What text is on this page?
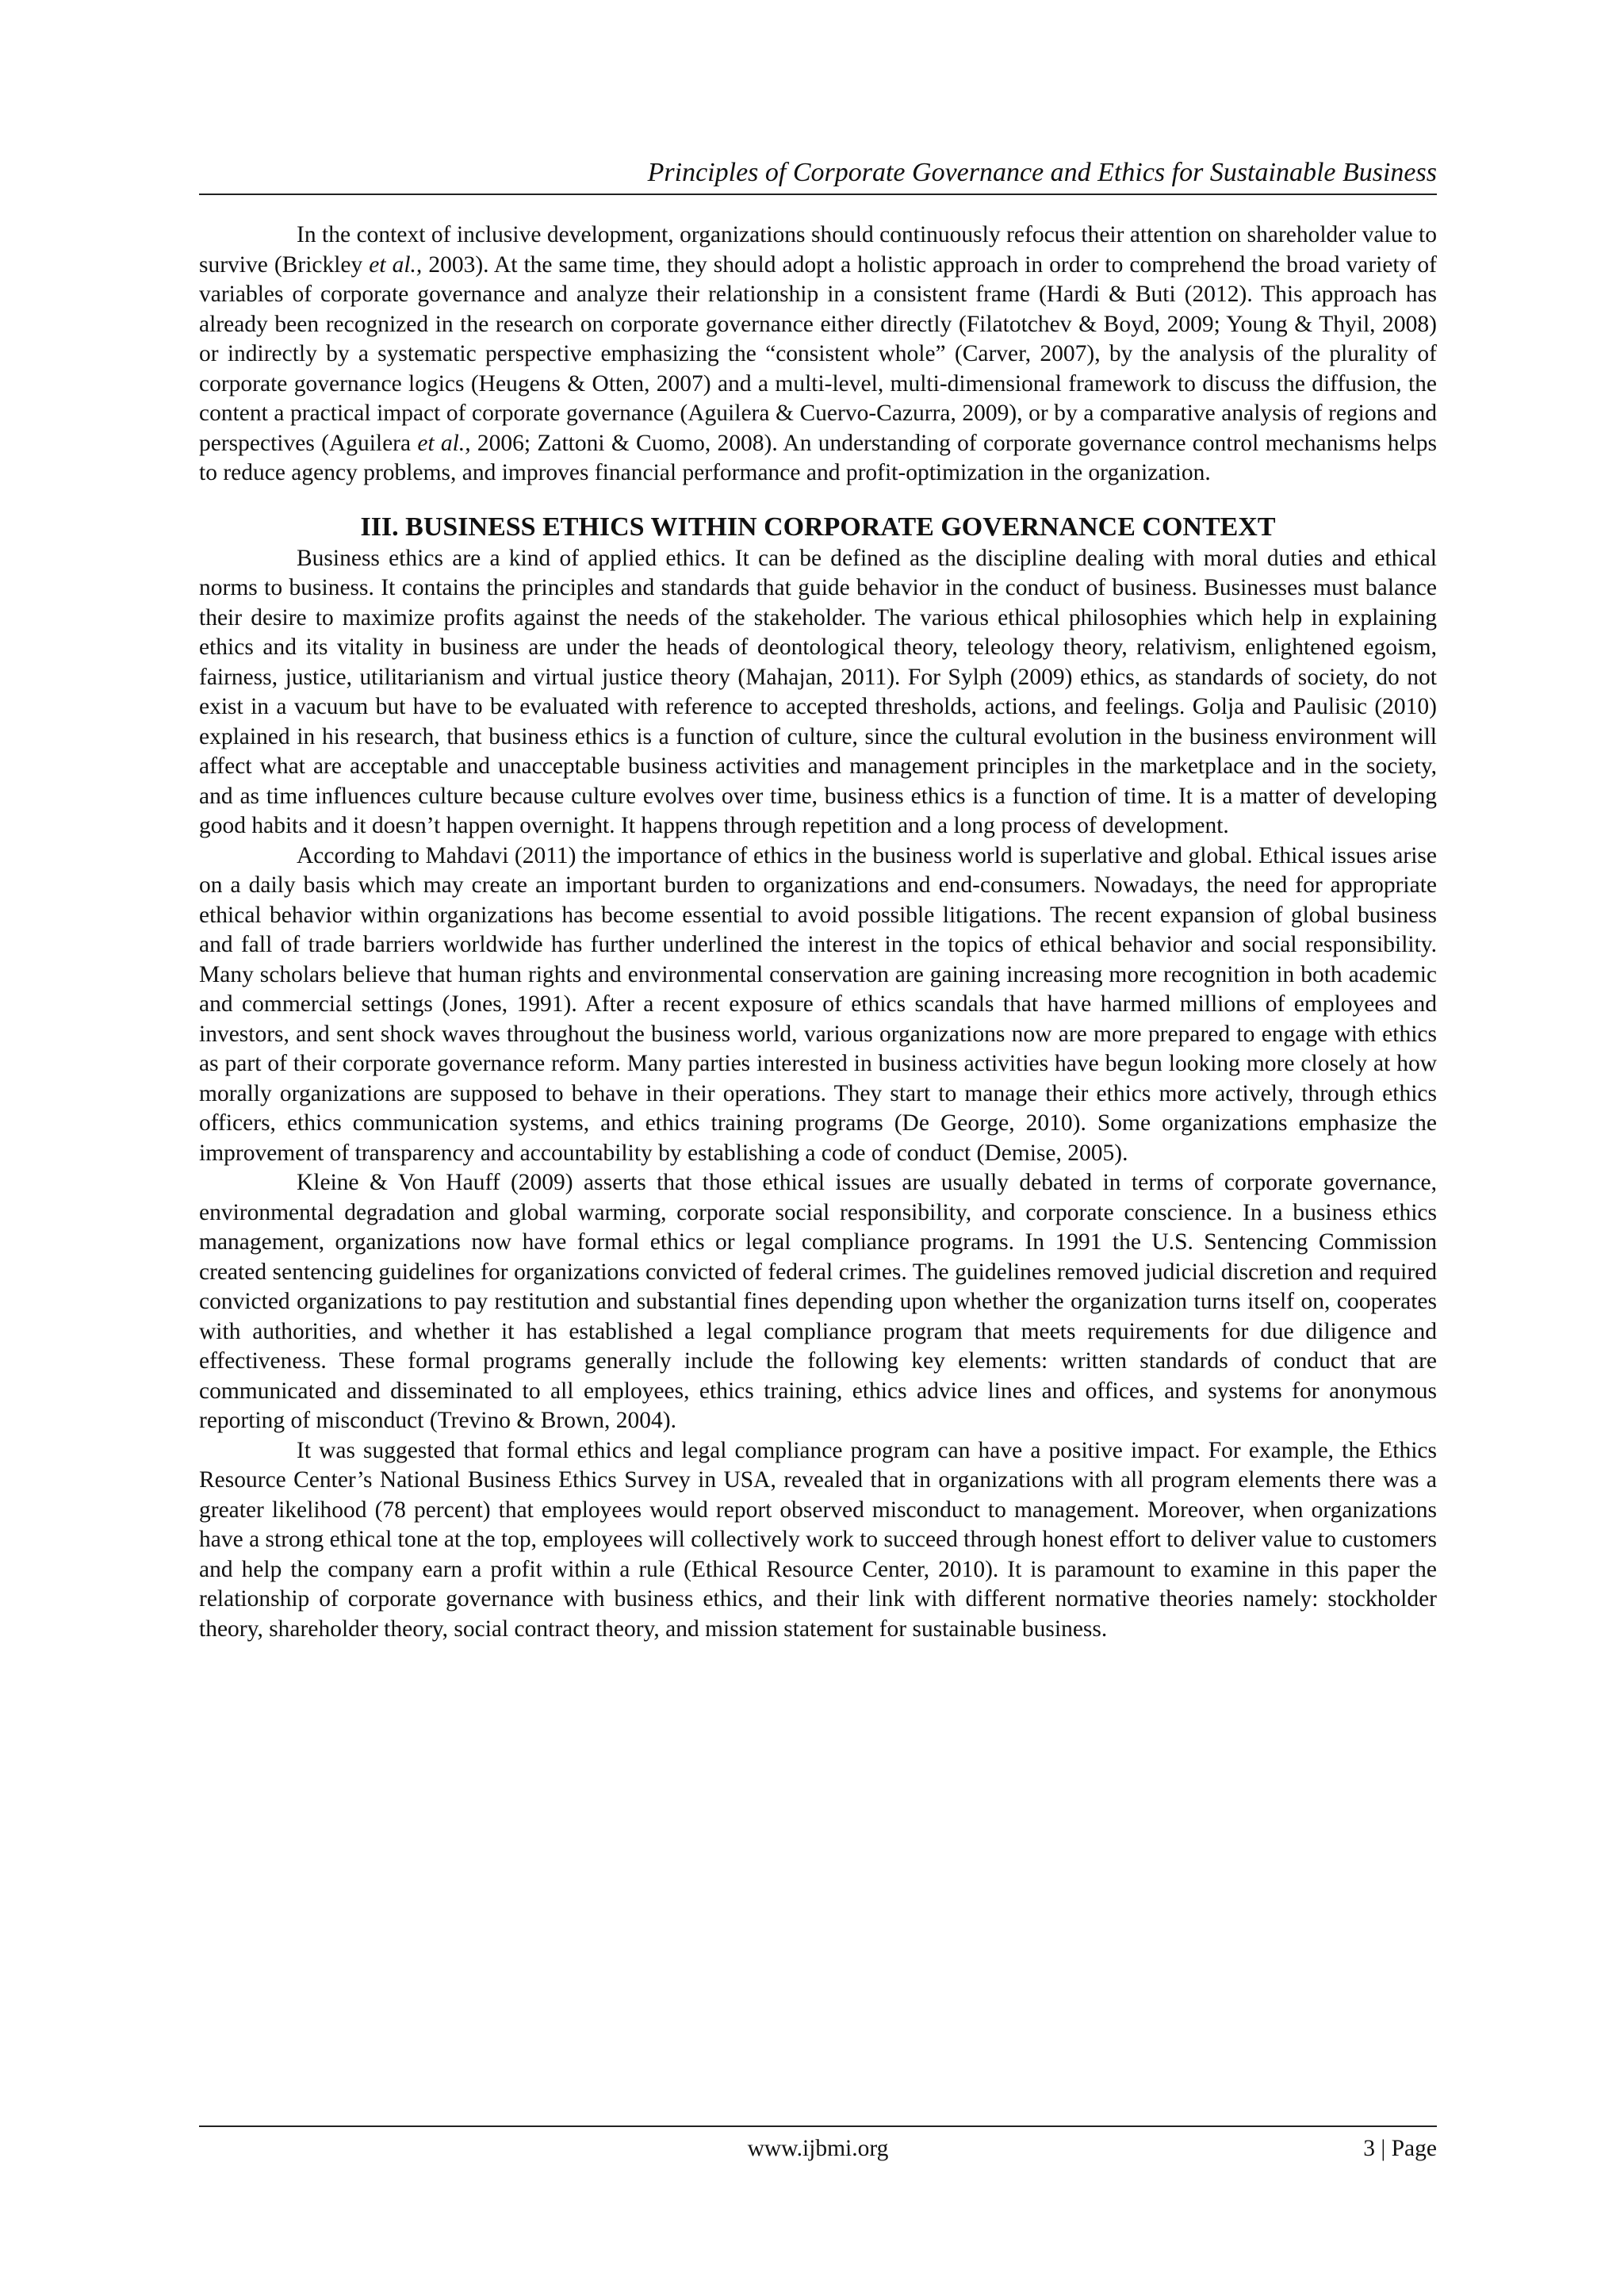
Principles of Corporate Governance and Ethics for Sustainable Business

In the context of inclusive development, organizations should continuously refocus their attention on shareholder value to survive (Brickley et al., 2003). At the same time, they should adopt a holistic approach in order to comprehend the broad variety of variables of corporate governance and analyze their relationship in a consistent frame (Hardi & Buti (2012). This approach has already been recognized in the research on corporate governance either directly (Filatotchev & Boyd, 2009; Young & Thyil, 2008) or indirectly by a systematic perspective emphasizing the “consistent whole” (Carver, 2007), by the analysis of the plurality of corporate governance logics (Heugens & Otten, 2007) and a multi-level, multi-dimensional framework to discuss the diffusion, the content a practical impact of corporate governance (Aguilera & Cuervo-Cazurra, 2009), or by a comparative analysis of regions and perspectives (Aguilera et al., 2006; Zattoni & Cuomo, 2008). An understanding of corporate governance control mechanisms helps to reduce agency problems, and improves financial performance and profit-optimization in the organization.

III. BUSINESS ETHICS WITHIN CORPORATE GOVERNANCE CONTEXT

Business ethics are a kind of applied ethics. It can be defined as the discipline dealing with moral duties and ethical norms to business. It contains the principles and standards that guide behavior in the conduct of business. Businesses must balance their desire to maximize profits against the needs of the stakeholder. The various ethical philosophies which help in explaining ethics and its vitality in business are under the heads of deontological theory, teleology theory, relativism, enlightened egoism, fairness, justice, utilitarianism and virtual justice theory (Mahajan, 2011). For Sylph (2009) ethics, as standards of society, do not exist in a vacuum but have to be evaluated with reference to accepted thresholds, actions, and feelings. Golja and Paulisic (2010) explained in his research, that business ethics is a function of culture, since the cultural evolution in the business environment will affect what are acceptable and unacceptable business activities and management principles in the marketplace and in the society, and as time influences culture because culture evolves over time, business ethics is a function of time. It is a matter of developing good habits and it doesn’t happen overnight. It happens through repetition and a long process of development.

According to Mahdavi (2011) the importance of ethics in the business world is superlative and global. Ethical issues arise on a daily basis which may create an important burden to organizations and end-consumers. Nowadays, the need for appropriate ethical behavior within organizations has become essential to avoid possible litigations. The recent expansion of global business and fall of trade barriers worldwide has further underlined the interest in the topics of ethical behavior and social responsibility. Many scholars believe that human rights and environmental conservation are gaining increasing more recognition in both academic and commercial settings (Jones, 1991). After a recent exposure of ethics scandals that have harmed millions of employees and investors, and sent shock waves throughout the business world, various organizations now are more prepared to engage with ethics as part of their corporate governance reform. Many parties interested in business activities have begun looking more closely at how morally organizations are supposed to behave in their operations. They start to manage their ethics more actively, through ethics officers, ethics communication systems, and ethics training programs (De George, 2010). Some organizations emphasize the improvement of transparency and accountability by establishing a code of conduct (Demise, 2005).

Kleine & Von Hauff (2009) asserts that those ethical issues are usually debated in terms of corporate governance, environmental degradation and global warming, corporate social responsibility, and corporate conscience. In a business ethics management, organizations now have formal ethics or legal compliance programs. In 1991 the U.S. Sentencing Commission created sentencing guidelines for organizations convicted of federal crimes. The guidelines removed judicial discretion and required convicted organizations to pay restitution and substantial fines depending upon whether the organization turns itself on, cooperates with authorities, and whether it has established a legal compliance program that meets requirements for due diligence and effectiveness. These formal programs generally include the following key elements: written standards of conduct that are communicated and disseminated to all employees, ethics training, ethics advice lines and offices, and systems for anonymous reporting of misconduct (Trevino & Brown, 2004).

It was suggested that formal ethics and legal compliance program can have a positive impact. For example, the Ethics Resource Center’s National Business Ethics Survey in USA, revealed that in organizations with all program elements there was a greater likelihood (78 percent) that employees would report observed misconduct to management. Moreover, when organizations have a strong ethical tone at the top, employees will collectively work to succeed through honest effort to deliver value to customers and help the company earn a profit within a rule (Ethical Resource Center, 2010). It is paramount to examine in this paper the relationship of corporate governance with business ethics, and their link with different normative theories namely: stockholder theory, shareholder theory, social contract theory, and mission statement for sustainable business.

www.ijbmi.org	3 | Page
